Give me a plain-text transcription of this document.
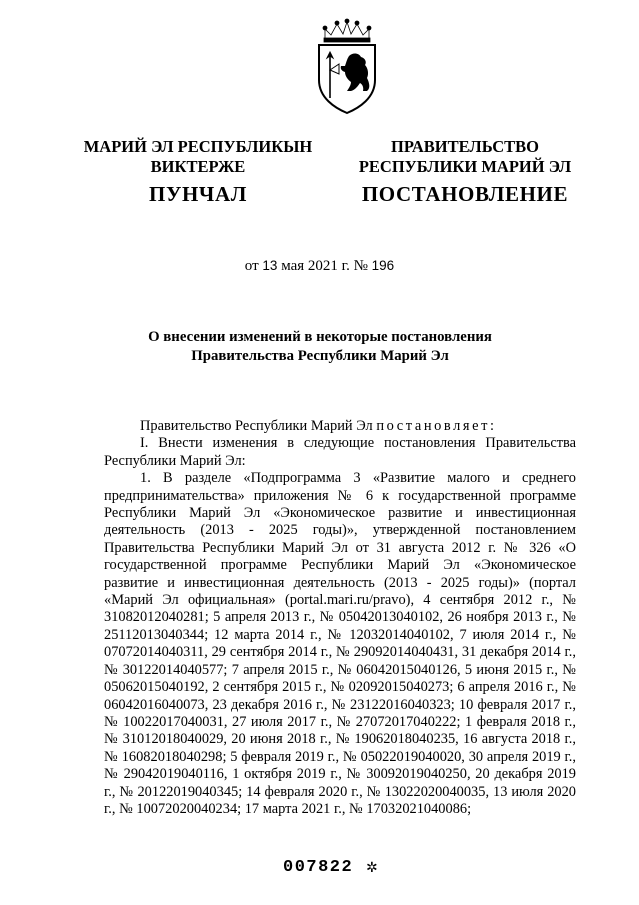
МАРИЙ ЭЛ РЕСПУБЛИКЫН
ВИКТЕРЖЕ
ПУНЧАЛ
ПРАВИТЕЛЬСТВО
РЕСПУБЛИКИ МАРИЙ ЭЛ
ПОСТАНОВЛЕНИЕ
от 13 мая 2021 г. № 196
О внесении изменений в некоторые постановления
Правительства Республики Марий Эл

Правительство Республики Марий Эл постановляет:

I. Внести изменения в следующие постановления Правительства Республики Марий Эл:

1. В разделе «Подпрограмма 3 «Развитие малого и среднего предпринимательства» приложения № 6 к государственной программе Республики Марий Эл «Экономическое развитие и инвестиционная деятельность (2013 - 2025 годы)», утвержденной постановлением Правительства Республики Марий Эл от 31 августа 2012 г. № 326 «О государственной программе Республики Марий Эл «Экономическое развитие и инвестиционная деятельность (2013 - 2025 годы)» (портал «Марий Эл официальная» (portal.mari.ru/pravo), 4 сентября 2012 г., № 31082012040281; 5 апреля 2013 г., № 05042013040102, 26 ноября 2013 г., № 25112013040344; 12 марта 2014 г., № 12032014040102, 7 июля 2014 г., № 07072014040311, 29 сентября 2014 г., № 29092014040431, 31 декабря 2014 г., № 30122014040577; 7 апреля 2015 г., № 06042015040126, 5 июня 2015 г., № 05062015040192, 2 сентября 2015 г., № 02092015040273; 6 апреля 2016 г., № 06042016040073, 23 декабря 2016 г., № 23122016040323; 10 февраля 2017 г., № 10022017040031, 27 июля 2017 г., № 27072017040222; 1 февраля 2018 г., № 31012018040029, 20 июня 2018 г., № 19062018040235, 16 августа 2018 г., № 16082018040298; 5 февраля 2019 г., № 05022019040020, 30 апреля 2019 г., № 29042019040116, 1 октября 2019 г., № 30092019040250, 20 декабря 2019 г., № 20122019040345; 14 февраля 2020 г., № 13022020040035, 13 июля 2020 г., № 10072020040234; 17 марта 2021 г., № 17032021040086;

007822 ✲
